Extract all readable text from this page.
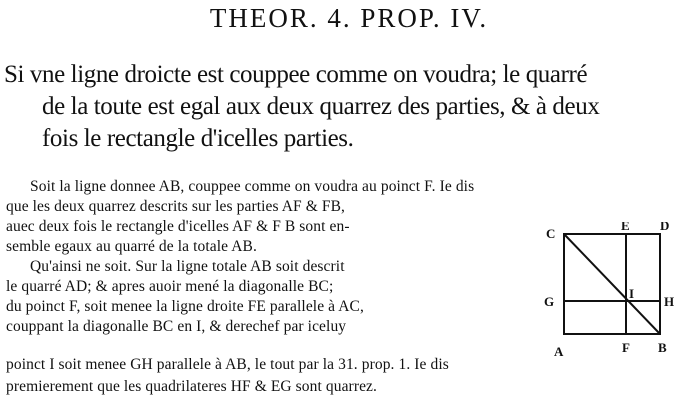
THEOR. 4. PROP. IV.
Si vne ligne droicte est couppee comme on voudra; le quarré
de la toute est egal aux deux quarrez des parties, & à deux
fois le rectangle d'icelles parties.
Soit la ligne donnee AB, couppee comme on voudra au poinct F. Ie dis
que les deux quarrez descrits sur les parties AF & FB,
auec deux fois le rectangle d'icelles AF & F B sont en-
semble egaux au quarré de la totale AB.
Qu'ainsi ne soit. Sur la ligne totale AB soit descrit
le quarré AD; & apres auoir mené la diagonalle BC;
du poinct F, soit menee la ligne droite FE parallele à AC,
couppant la diagonalle BC en I, & derechef par iceluy
poinct I soit menee GH parallele à AB, le tout par la 31. prop. 1. Ie dis
premierement que les quadrilateres HF & EG sont quarrez.
C
E D
G
I
H
A	F B
